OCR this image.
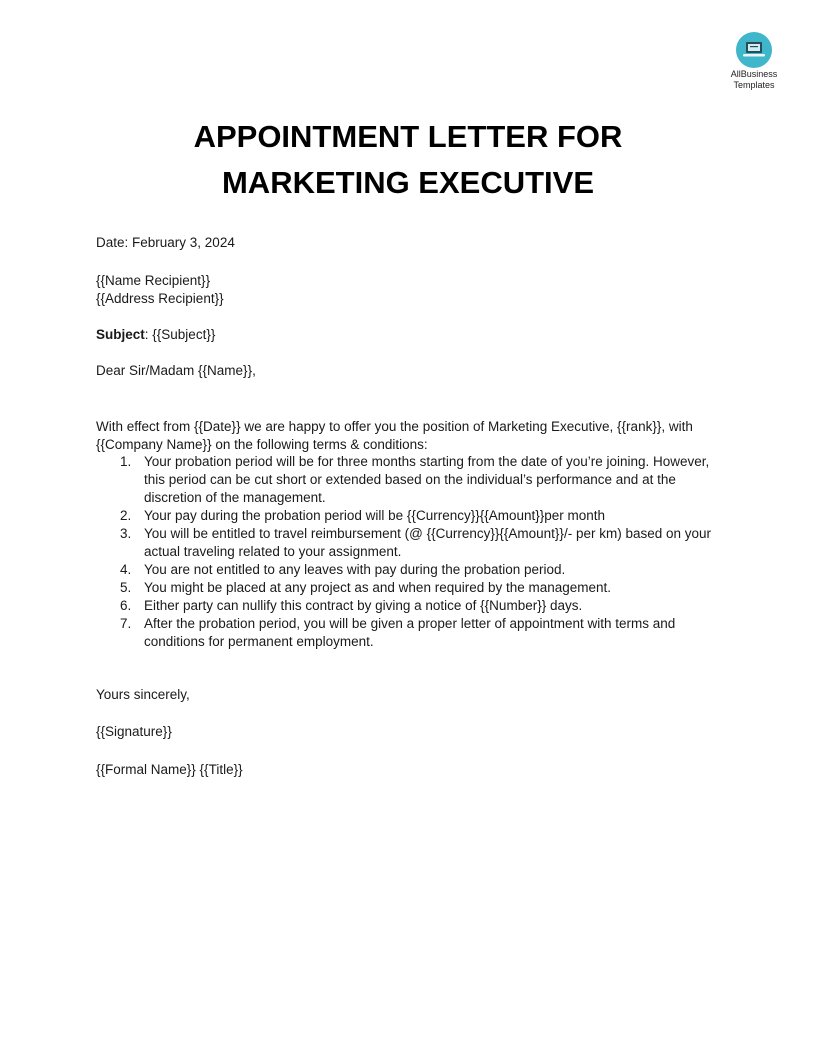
AllBusiness
Templates
APPOINTMENT LETTER FOR MARKETING EXECUTIVE
Date: February 3, 2024
{{Name Recipient}}
{{Address Recipient}}
Subject: {{Subject}}
Dear Sir/Madam {{Name}},
With effect from {{Date}} we are happy to offer you the position of Marketing Executive, {{rank}}, with {{Company Name}} on the following terms & conditions:
1. Your probation period will be for three months starting from the date of you’re joining. However, this period can be cut short or extended based on the individual’s performance and at the discretion of the management.
2. Your pay during the probation period will be {{Currency}}{{Amount}}per month
3. You will be entitled to travel reimbursement (@ {{Currency}}{{Amount}}/- per km) based on your actual traveling related to your assignment.
4. You are not entitled to any leaves with pay during the probation period.
5. You might be placed at any project as and when required by the management.
6. Either party can nullify this contract by giving a notice of {{Number}} days.
7. After the probation period, you will be given a proper letter of appointment with terms and conditions for permanent employment.
Yours sincerely,
{{Signature}}
{{Formal Name}} {{Title}}
